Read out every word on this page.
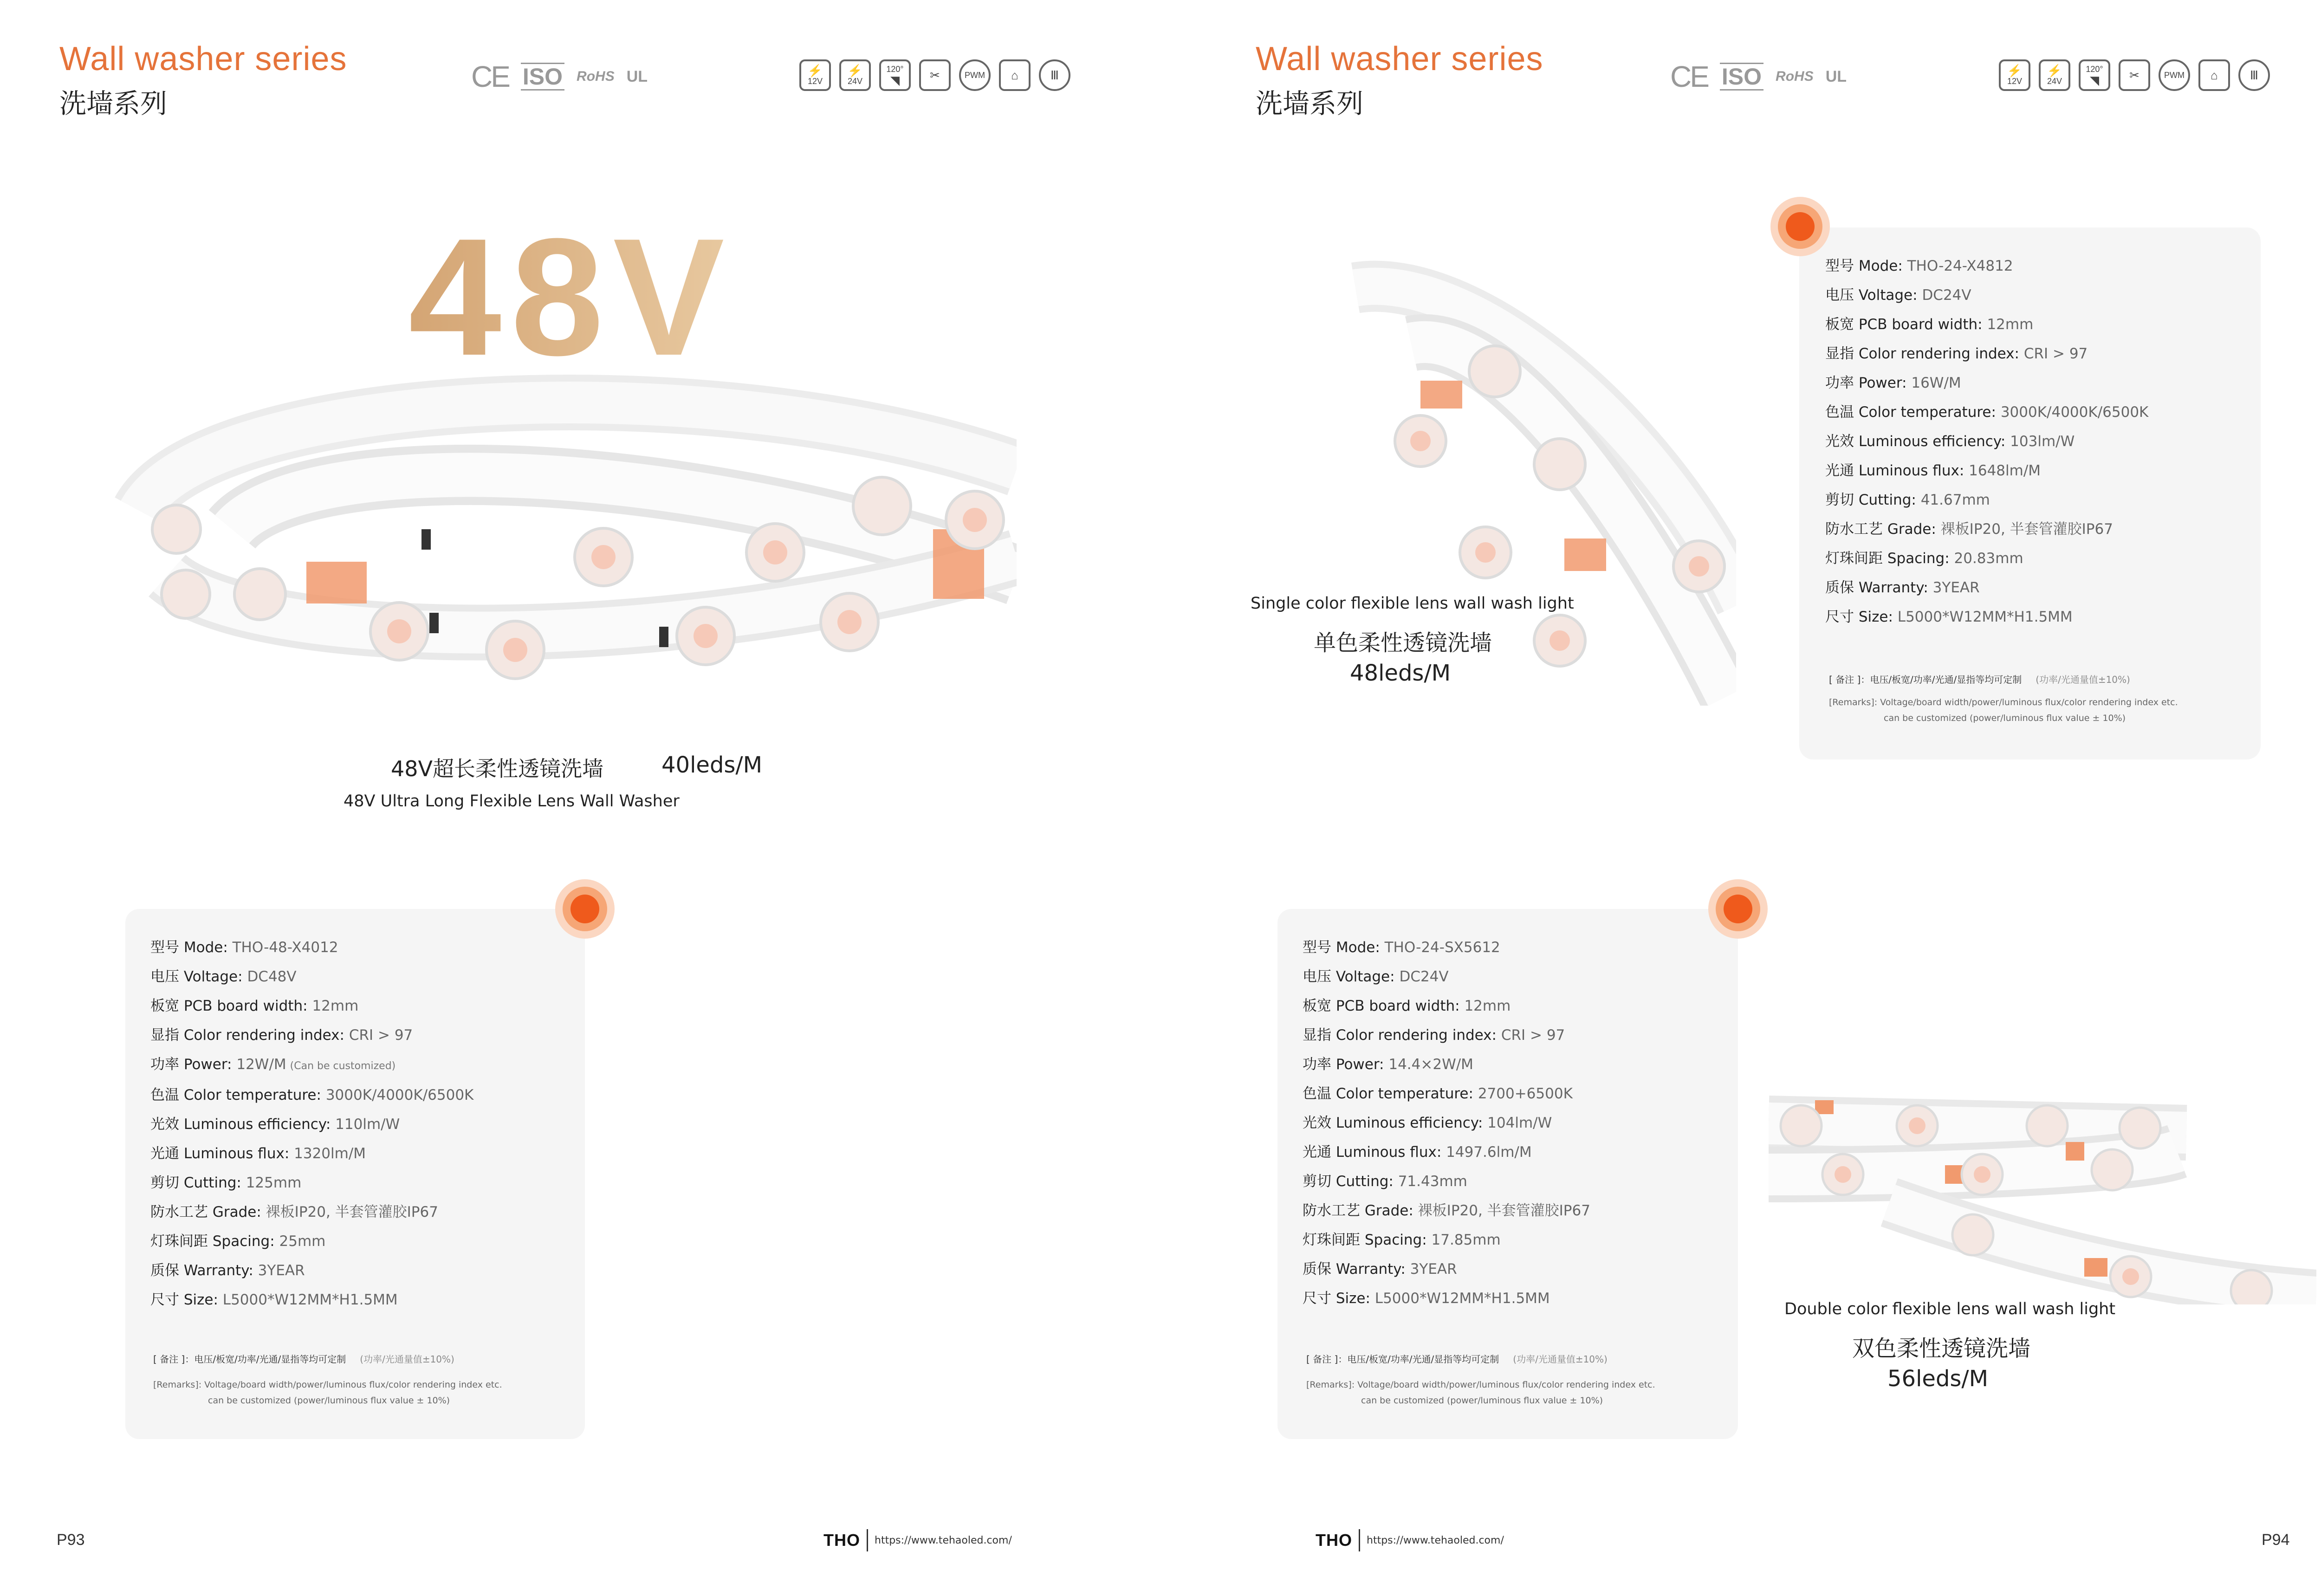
Wall washer series
洗墙系列
CE ISO RoHS UL	⚡
12V
⚡
24V
120°
◥	✂	PWM ⌂	Ⅲ
48V
48V超长柔性透镜洗墙	40leds/M
48V Ultra Long Flexible Lens Wall Washer
型号 Mode: THO-48-X4012
电压 Voltage: DC48V
板宽 PCB board width: 12mm
显指 Color rendering index: CRI > 97
功率 Power: 12W/M (Can be customized)
色温 Color temperature: 3000K/4000K/6500K
光效 Luminous efficiency: 110lm/W
光通 Luminous flux: 1320lm/M
剪切 Cutting: 125mm
防水工艺 Grade: 裸板IP20, 半套管灌胶IP67
灯珠间距 Spacing: 25mm
质保 Warranty: 3YEAR
尺寸 Size: L5000*W12MM*H1.5MM
[ 备注 ]：电压/板宽/功率/光通/显指等均可定制 (功率/光通量值±10%)
[Remarks]: Voltage/board width/power/luminous flux/color rendering index etc.
can be customized (power/luminous flux value ± 10%)
P93	THO https://www.tehaoled.com/
Wall washer series
洗墙系列
CE ISO RoHS UL	⚡
12V
⚡
24V
120°
◥	✂	PWM ⌂	Ⅲ
Single color flexible lens wall wash light
单色柔性透镜洗墙
48leds/M
型号 Mode: THO-24-X4812
电压 Voltage: DC24V
板宽 PCB board width: 12mm
显指 Color rendering index: CRI > 97
功率 Power: 16W/M
色温 Color temperature: 3000K/4000K/6500K
光效 Luminous efficiency: 103lm/W
光通 Luminous flux: 1648lm/M
剪切 Cutting: 41.67mm
防水工艺 Grade: 裸板IP20, 半套管灌胶IP67
灯珠间距 Spacing: 20.83mm
质保 Warranty: 3YEAR
尺寸 Size: L5000*W12MM*H1.5MM
[ 备注 ]：电压/板宽/功率/光通/显指等均可定制 (功率/光通量值±10%)
[Remarks]: Voltage/board width/power/luminous flux/color rendering index etc.
can be customized (power/luminous flux value ± 10%)
型号 Mode: THO-24-SX5612
电压 Voltage: DC24V
板宽 PCB board width: 12mm
显指 Color rendering index: CRI > 97
功率 Power: 14.4×2W/M
色温 Color temperature: 2700+6500K
光效 Luminous efficiency: 104lm/W
光通 Luminous flux: 1497.6lm/M
剪切 Cutting: 71.43mm
防水工艺 Grade: 裸板IP20, 半套管灌胶IP67
灯珠间距 Spacing: 17.85mm
质保 Warranty: 3YEAR
尺寸 Size: L5000*W12MM*H1.5MM
[ 备注 ]：电压/板宽/功率/光通/显指等均可定制 (功率/光通量值±10%)
[Remarks]: Voltage/board width/power/luminous flux/color rendering index etc.
can be customized (power/luminous flux value ± 10%)
Double color flexible lens wall wash light
双色柔性透镜洗墙
56leds/M
THO https://www.tehaoled.com/	P94
